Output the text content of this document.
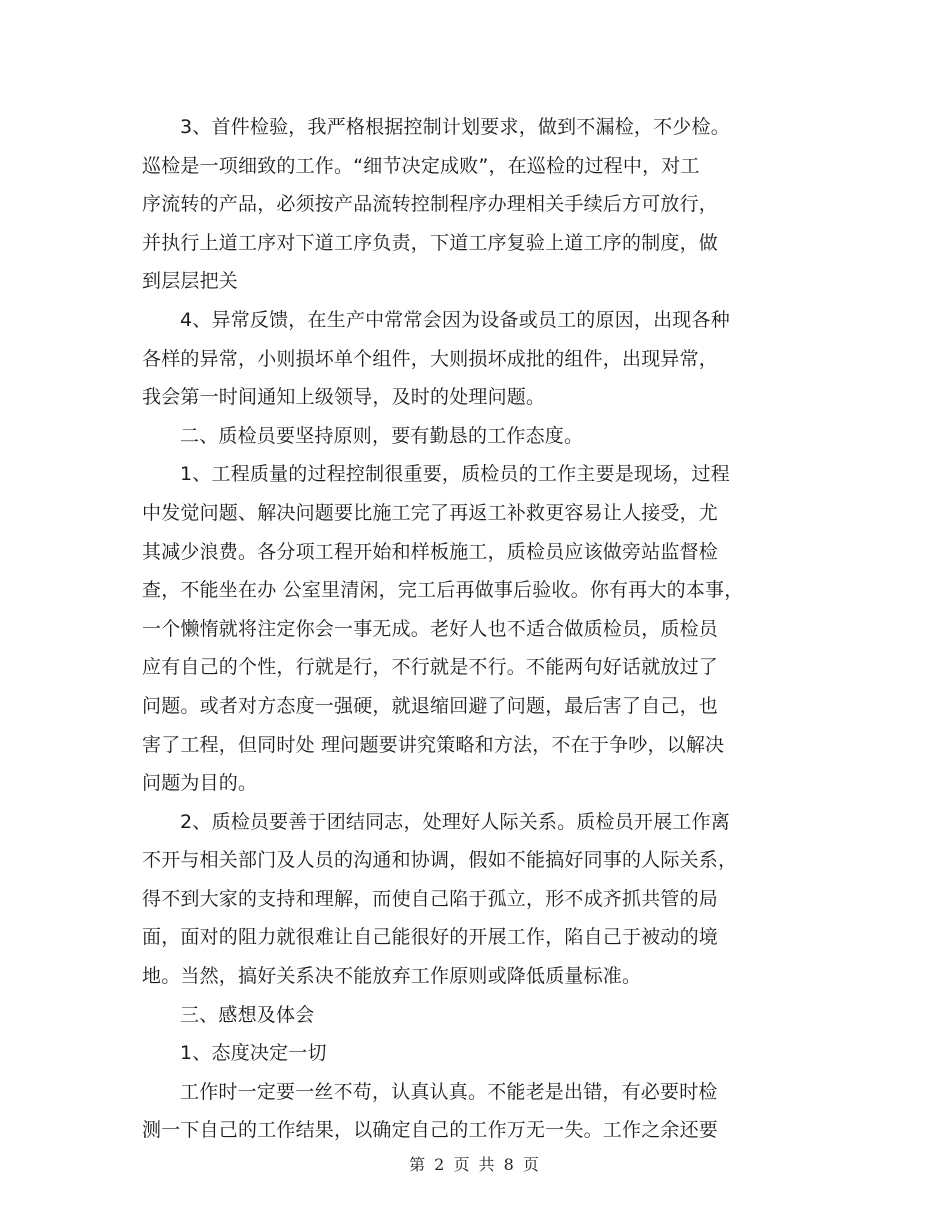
3、首件检验，我严格根据控制计划要求，做到不漏检，不少检。
巡检是一项细致的工作。“细节决定成败”，在巡检的过程中，对工
序流转的产品，必须按产品流转控制程序办理相关手续后方可放行，
并执行上道工序对下道工序负责，下道工序复验上道工序的制度，做
到层层把关
4、异常反馈，在生产中常常会因为设备或员工的原因，出现各种
各样的异常，小则损坏单个组件，大则损坏成批的组件，出现异常，
我会第一时间通知上级领导，及时的处理问题。
二、质检员要坚持原则，要有勤恳的工作态度。
1、工程质量的过程控制很重要，质检员的工作主要是现场，过程
中发觉问题、解决问题要比施工完了再返工补救更容易让人接受，尤
其减少浪费。各分项工程开始和样板施工，质检员应该做旁站监督检
查，不能坐在办 公室里清闲，完工后再做事后验收。你有再大的本事，
一个懒惰就将注定你会一事无成。老好人也不适合做质检员，质检员
应有自己的个性，行就是行，不行就是不行。不能两句好话就放过了
问题。或者对方态度一强硬，就退缩回避了问题，最后害了自己，也
害了工程，但同时处 理问题要讲究策略和方法，不在于争吵，以解决
问题为目的。
2、质检员要善于团结同志，处理好人际关系。质检员开展工作离
不开与相关部门及人员的沟通和协调，假如不能搞好同事的人际关系，
得不到大家的支持和理解，而使自己陷于孤立，形不成齐抓共管的局
面，面对的阻力就很难让自己能很好的开展工作，陷自己于被动的境
地。当然，搞好关系决不能放弃工作原则或降低质量标准。
三、感想及体会
1、态度决定一切
工作时一定要一丝不苟，认真认真。不能老是出错，有必要时检
测一下自己的工作结果，以确定自己的工作万无一失。工作之余还要
第 2 页 共 8 页
